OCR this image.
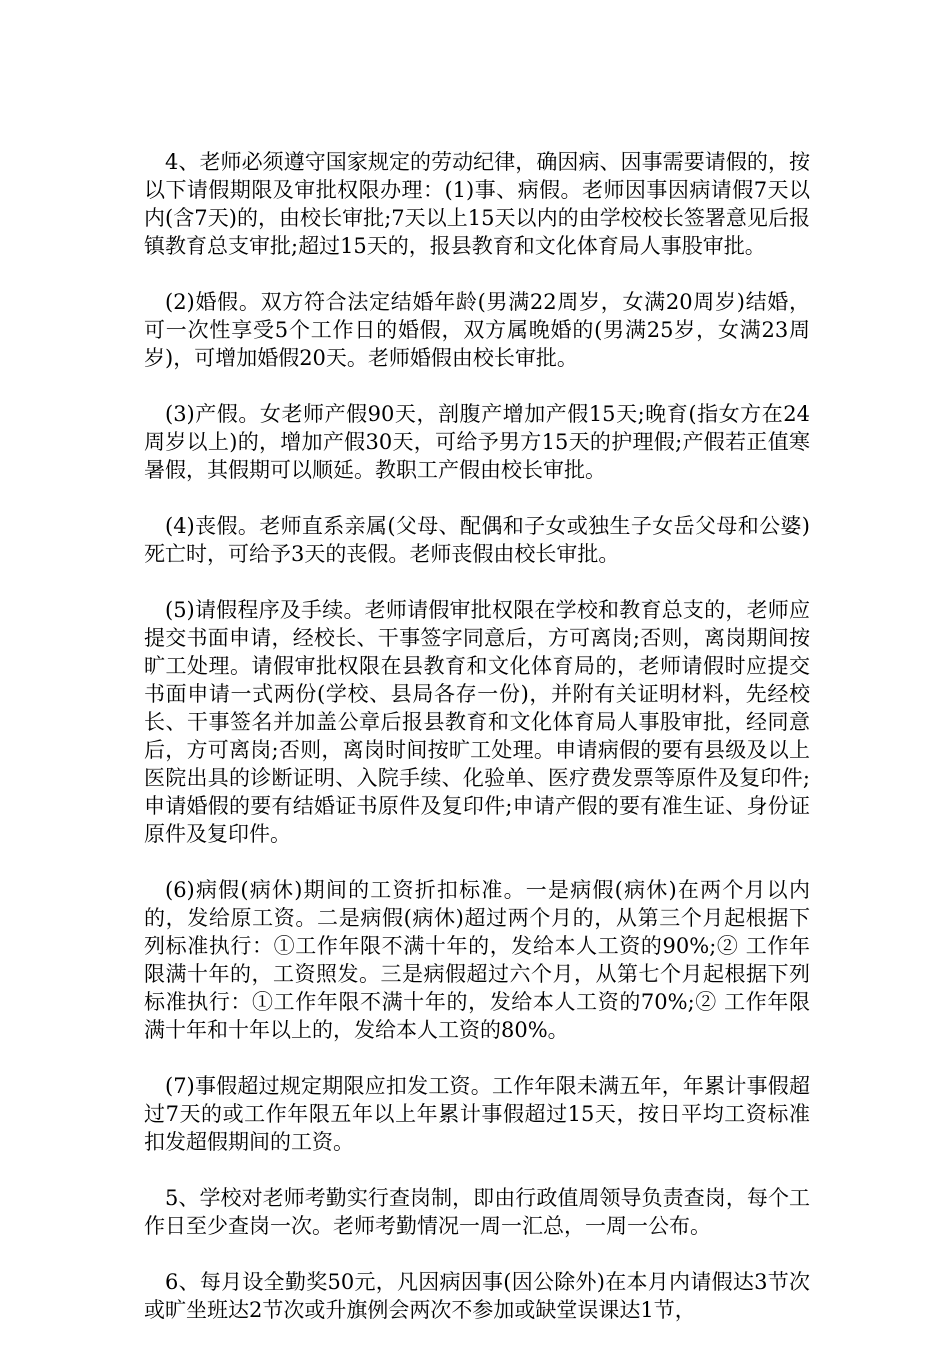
4、老师必须遵守国家规定的劳动纪律，确因病、因事需要请假的，按以下请假期限及审批权限办理：(1)事、病假。老师因事因病请假7天以内(含7天)的，由校长审批;7天以上15天以内的由学校校长签署意见后报镇教育总支审批;超过15天的，报县教育和文化体育局人事股审批。

(2)婚假。双方符合法定结婚年龄(男满22周岁，女满20周岁)结婚，可一次性享受5个工作日的婚假，双方属晚婚的(男满25岁，女满23周岁)，可增加婚假20天。老师婚假由校长审批。

(3)产假。女老师产假90天，剖腹产增加产假15天;晚育(指女方在24周岁以上)的，增加产假30天，可给予男方15天的护理假;产假若正值寒暑假，其假期可以顺延。教职工产假由校长审批。

(4)丧假。老师直系亲属(父母、配偶和子女或独生子女岳父母和公婆)死亡时，可给予3天的丧假。老师丧假由校长审批。

(5)请假程序及手续。老师请假审批权限在学校和教育总支的，老师应提交书面申请，经校长、干事签字同意后，方可离岗;否则，离岗期间按旷工处理。请假审批权限在县教育和文化体育局的，老师请假时应提交书面申请一式两份(学校、县局各存一份)，并附有关证明材料，先经校长、干事签名并加盖公章后报县教育和文化体育局人事股审批，经同意后，方可离岗;否则，离岗时间按旷工处理。申请病假的要有县级及以上医院出具的诊断证明、入院手续、化验单、医疗费发票等原件及复印件;申请婚假的要有结婚证书原件及复印件;申请产假的要有准生证、身份证原件及复印件。

(6)病假(病休)期间的工资折扣标准。一是病假(病休)在两个月以内的，发给原工资。二是病假(病休)超过两个月的，从第三个月起根据下列标准执行：①工作年限不满十年的，发给本人工资的90%;② 工作年限满十年的，工资照发。三是病假超过六个月，从第七个月起根据下列标准执行：①工作年限不满十年的，发给本人工资的70%;② 工作年限满十年和十年以上的，发给本人工资的80%。

(7)事假超过规定期限应扣发工资。工作年限未满五年，年累计事假超过7天的或工作年限五年以上年累计事假超过15天，按日平均工资标准扣发超假期间的工资。

5、学校对老师考勤实行查岗制，即由行政值周领导负责查岗，每个工作日至少查岗一次。老师考勤情况一周一汇总，一周一公布。

6、每月设全勤奖50元，凡因病因事(因公除外)在本月内请假达3节次或旷坐班达2节次或升旗例会两次不参加或缺堂误课达1节，
